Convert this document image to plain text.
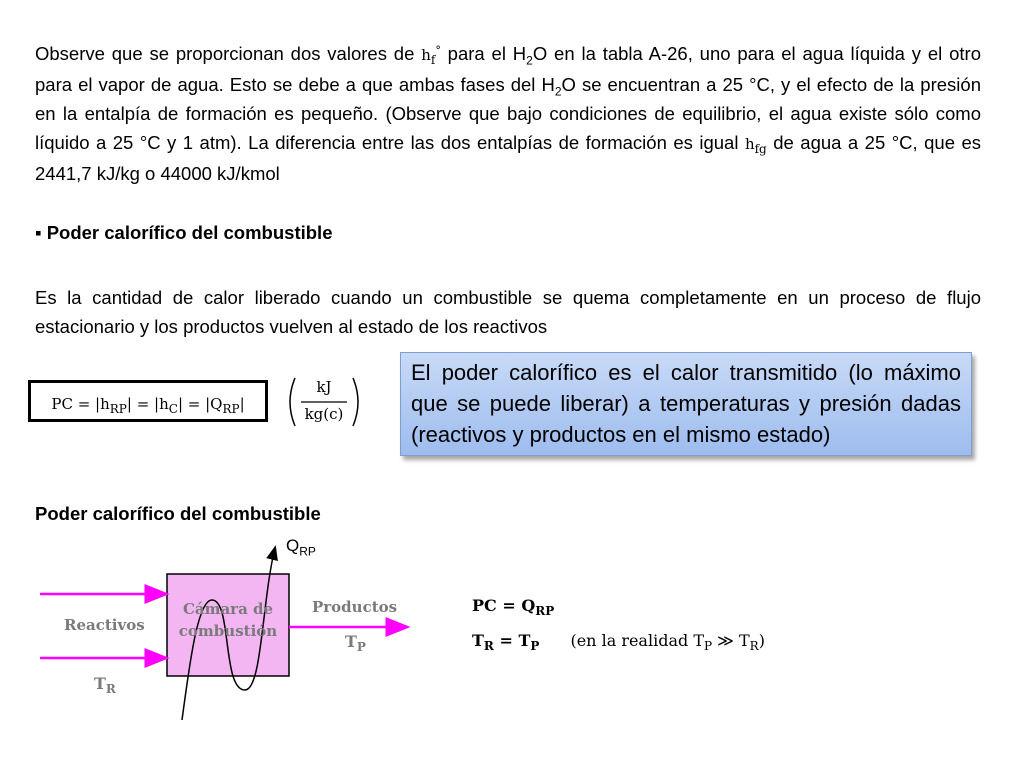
Observe que se proporcionan dos valores de $h_f^\circ$ para el $H_2O$ en la tabla A-26, uno para el agua líquida y el otro para el vapor de agua. Esto se debe a que ambas fases del $H_2O$ se encuentran a 25 °C, y el efecto de la presión en la entalpía de formación es pequeño. (Observe que bajo condiciones de equilibrio, el agua existe sólo como líquido a 25 °C y 1 atm). La diferencia entre las dos entalpías de formación es igual $h_{fg}$ de agua a 25 °C, que es 2441,7 kJ/kg o 44000 kJ/kmol
▪ Poder calorífico del combustible
Es la cantidad de calor liberado cuando un combustible se quema completamente en un proceso de flujo estacionario y los productos vuelven al estado de los reactivos
PC = $|h_{RP}| = |h_C| = |Q_{RP}|$
kJ
kg(c)
El poder calorífico es el calor transmitido (lo máximo que se puede liberar) a temperaturas y presión dadas (reactivos y productos en el mismo estado)
Poder calorífico del combustible
$Q_{RP}$
Cámara de
combustión
Reactivos
Productos
$T_R$
$T_P$
PC = $Q_{RP}$
$T_R = T_P$ (en la realidad $T_P$ ≫ $T_R$)
